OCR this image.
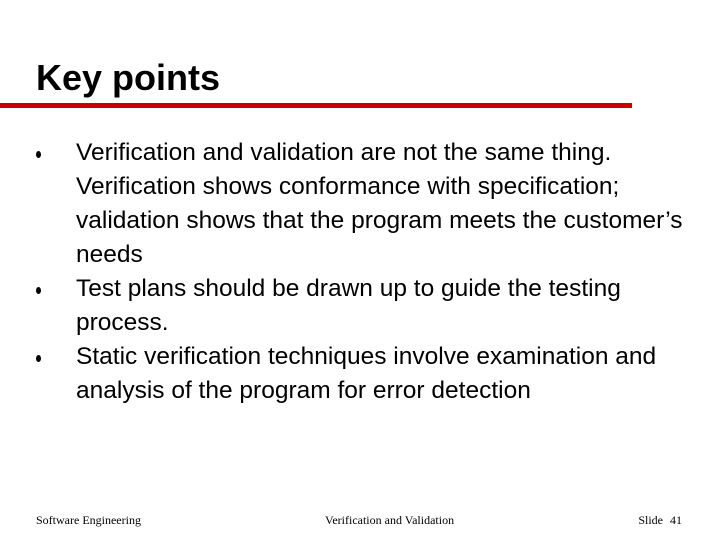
Key points
Verification and validation are not the same thing. Verification shows conformance with specification; validation shows that the program meets the customer’s needs
Test plans should be drawn up to guide the testing process.
Static verification techniques involve examination and analysis of the program for error detection
Software Engineering	Verification and Validation	Slide 41
